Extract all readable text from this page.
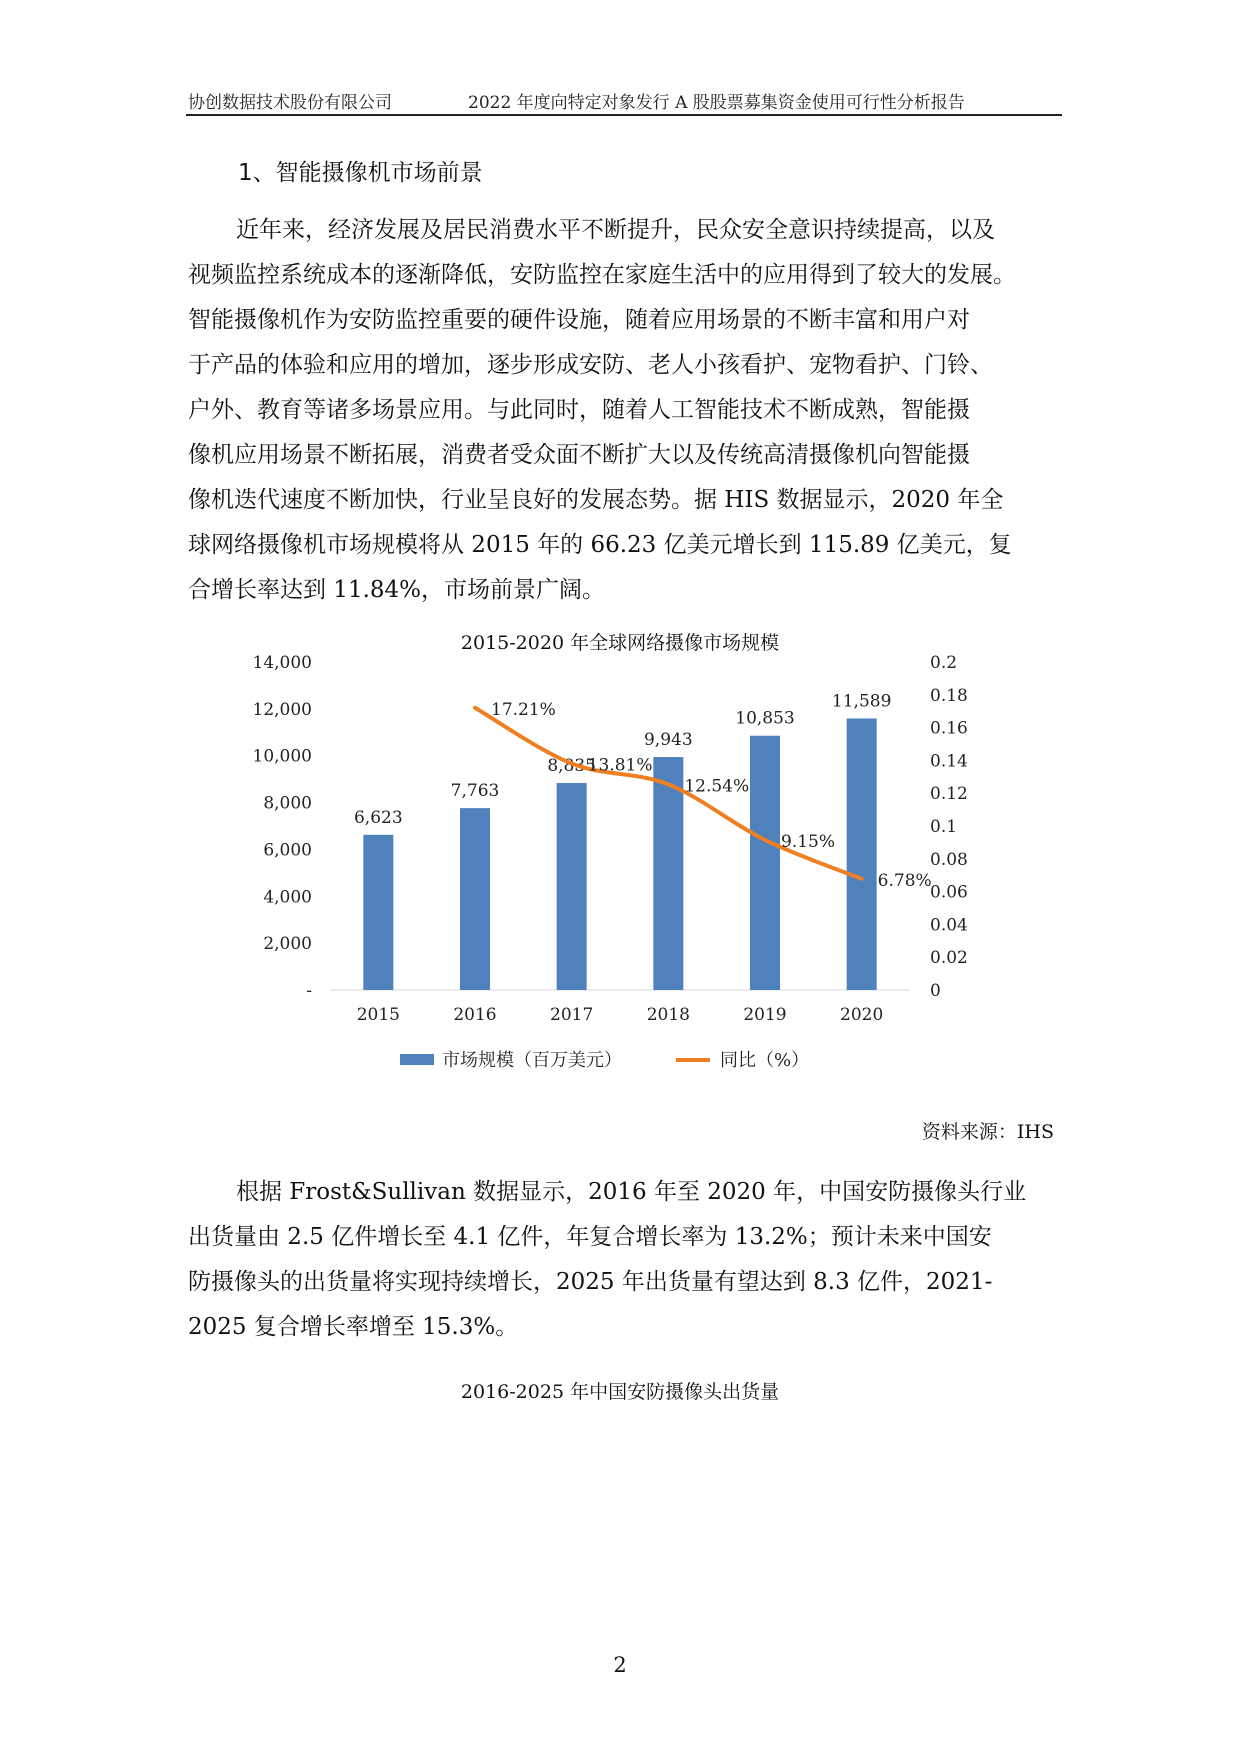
协创数据技术股份有限公司	2022 年度向特定对象发行 A 股股票募集资金使用可行性分析报告
1、智能摄像机市场前景
近年来，经济发展及居民消费水平不断提升，民众安全意识持续提高，以及
视频监控系统成本的逐渐降低，安防监控在家庭生活中的应用得到了较大的发展。
智能摄像机作为安防监控重要的硬件设施，随着应用场景的不断丰富和用户对
于产品的体验和应用的增加，逐步形成安防、老人小孩看护、宠物看护、门铃、
户外、教育等诸多场景应用。与此同时，随着人工智能技术不断成熟，智能摄
像机应用场景不断拓展，消费者受众面不断扩大以及传统高清摄像机向智能摄
像机迭代速度不断加快，行业呈良好的发展态势。据 HIS 数据显示，2020 年全
球网络摄像机市场规模将从 2015 年的 66.23 亿美元增长到 115.89 亿美元，复
合增长率达到 11.84%，市场前景广阔。
2015-2020 年全球网络摄像市场规模
-
2,000
4,000
6,000
8,000
10,000
12,000
14,000
0
0.02
0.04
0.06
0.08
0.1
0.12
0.14
0.16
0.18
0.2
6,623
2015
7,763
2016
8,835
2017
9,943
2018
10,853
2019
11,589
2020
17.21%
13.81%
12.54%
9.15%
6.78%
市场规模（百万美元）	同比（%）
资料来源：IHS
根据 Frost&Sullivan 数据显示，2016 年至 2020 年，中国安防摄像头行业
出货量由 2.5 亿件增长至 4.1 亿件，年复合增长率为 13.2%；预计未来中国安
防摄像头的出货量将实现持续增长，2025 年出货量有望达到 8.3 亿件，2021-
2025 复合增长率增至 15.3%。
2016-2025 年中国安防摄像头出货量
2
